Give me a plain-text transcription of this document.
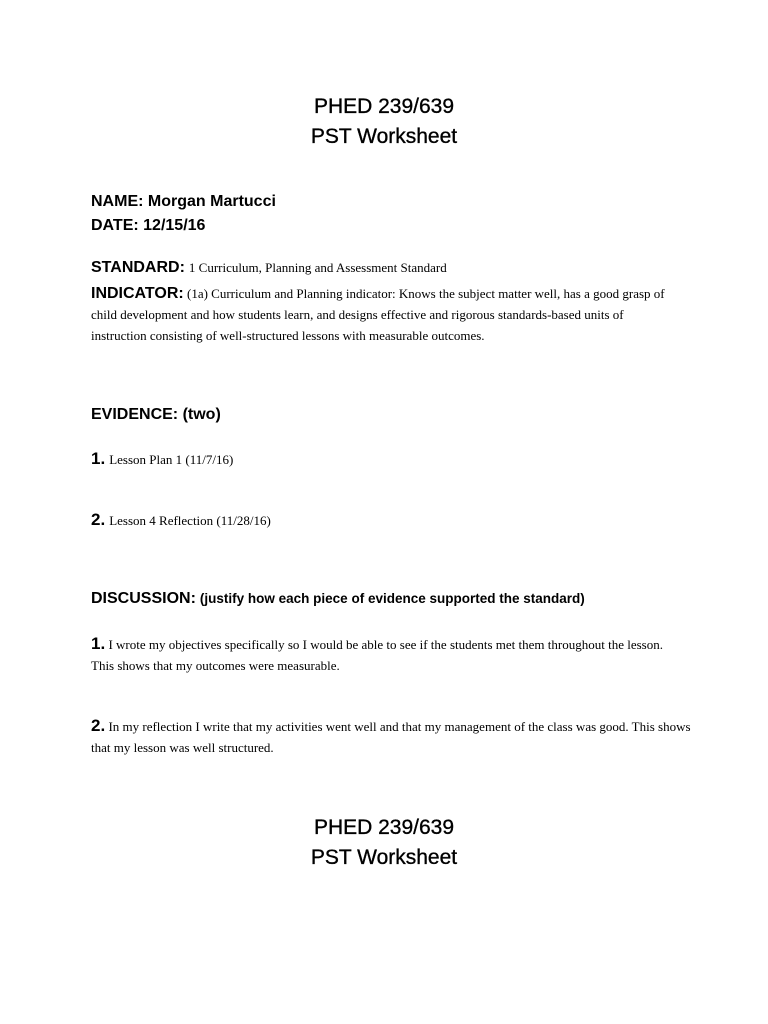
PHED 239/639
PST Worksheet
NAME: Morgan Martucci
DATE: 12/15/16
STANDARD: 1 Curriculum, Planning and Assessment Standard
INDICATOR: (1a) Curriculum and Planning indicator: Knows the subject matter well, has a good grasp of child development and how students learn, and designs effective and rigorous standards-based units of instruction consisting of well-structured lessons with measurable outcomes.
EVIDENCE: (two)
1. Lesson Plan 1 (11/7/16)
2. Lesson 4 Reflection (11/28/16)
DISCUSSION: (justify how each piece of evidence supported the standard)
1. I wrote my objectives specifically so I would be able to see if the students met them throughout the lesson. This shows that my outcomes were measurable.
2. In my reflection I write that my activities went well and that my management of the class was good. This shows that my lesson was well structured.
PHED 239/639
PST Worksheet
